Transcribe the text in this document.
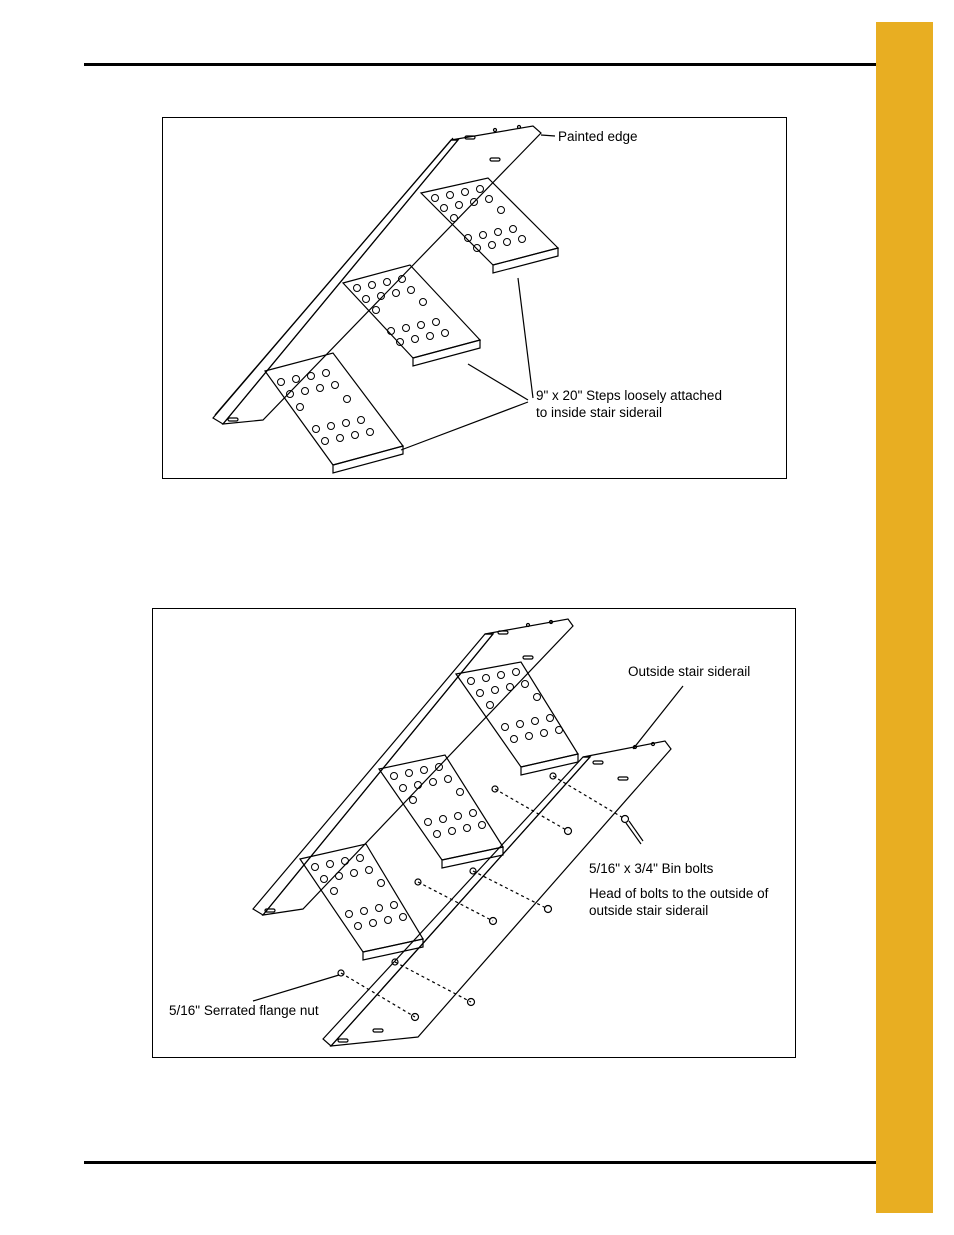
Painted edge
9" x 20" Steps loosely attached
to inside stair siderail
Outside stair siderail
5/16" x 3/4" Bin bolts
Head of bolts to the outside of
outside stair siderail
5/16" Serrated flange nut
